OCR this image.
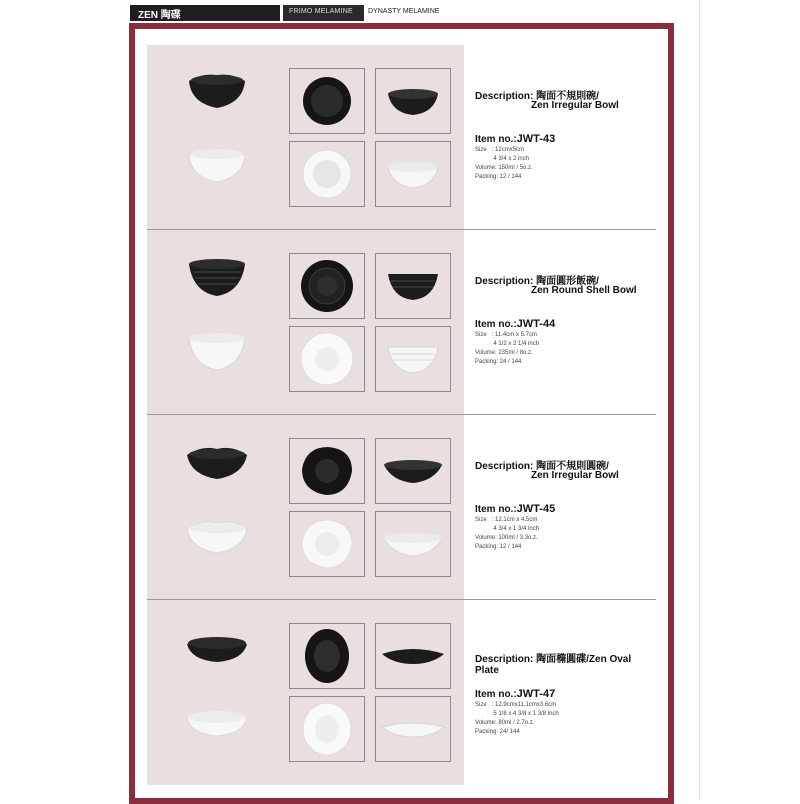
ZEN 陶碟	FRIMO MELAMINE DYNASTY MELAMINE
Description: 陶面不規則碗/
Zen Irregular Bowl
Item no.:JWT-43
Size : 12cmx5cm
4 3/4 x 2 inch
Volume: 150ml / 5o.z.
Packing: 12 / 144
Description: 陶面圓形飯碗/
Zen Round Shell Bowl
Item no.:JWT-44
Size : 11.4cm x 5.7cm
4 1/2 x 2 1/4 inch
Volume: 235ml / 8o.z.
Packing: 24 / 144
Description: 陶面不規則圓碗/
Zen Irregular Bowl
Item no.:JWT-45
Size : 12.1cm x 4.5cm
4 3/4 x 1 3/4 inch
Volume: 100ml / 3.3o.z.
Packing: 12 / 144
Description: 陶面橢圓碟/Zen Oval Plate
Item no.:JWT-47
Size : 12.9cmx11.1cmx3.6cm
5 1/8 x 4 3/8 x 1 3/8 inch
Volume: 80ml / 2.7o.z.
Packing: 24/ 144
